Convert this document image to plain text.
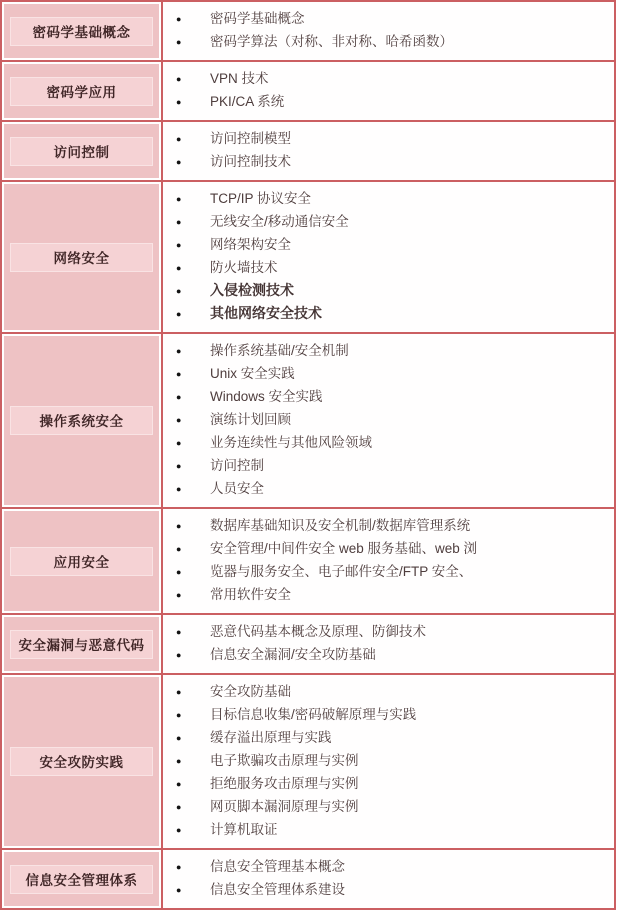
密码学基础概念	● 密码学基础概念
● 密码学算法（对称、非对称、哈希函数）

密码学应用	● VPN 技术
● PKI/CA 系统

访问控制	● 访问控制模型
● 访问控制技术

网络安全

●	TCP/IP 协议安全
●	无线安全/移动通信安全
●	网络架构安全
●	防火墙技术
●	入侵检测技术
●	其他网络安全技术

操作系统安全

●	操作系统基础/安全机制
●	Unix 安全实践
●	Windows 安全实践
●	演练计划回顾
●	业务连续性与其他风险领域
●	访问控制
●	人员安全

应用安全

●	数据库基础知识及安全机制/数据库管理系统
●	安全管理/中间件安全 web 服务基础、web 浏
●	览器与服务安全、电子邮件安全/FTP 安全、
●	常用软件安全

安全漏洞与恶意代码	● 恶意代码基本概念及原理、防御技术
● 信息安全漏洞/安全攻防基础

安全攻防实践

●	安全攻防基础
●	目标信息收集/密码破解原理与实践
●	缓存溢出原理与实践
●	电子欺骗攻击原理与实例
●	拒绝服务攻击原理与实例
●	网页脚本漏洞原理与实例
●	计算机取证

信息安全管理体系	● 信息安全管理基本概念
● 信息安全管理体系建设
